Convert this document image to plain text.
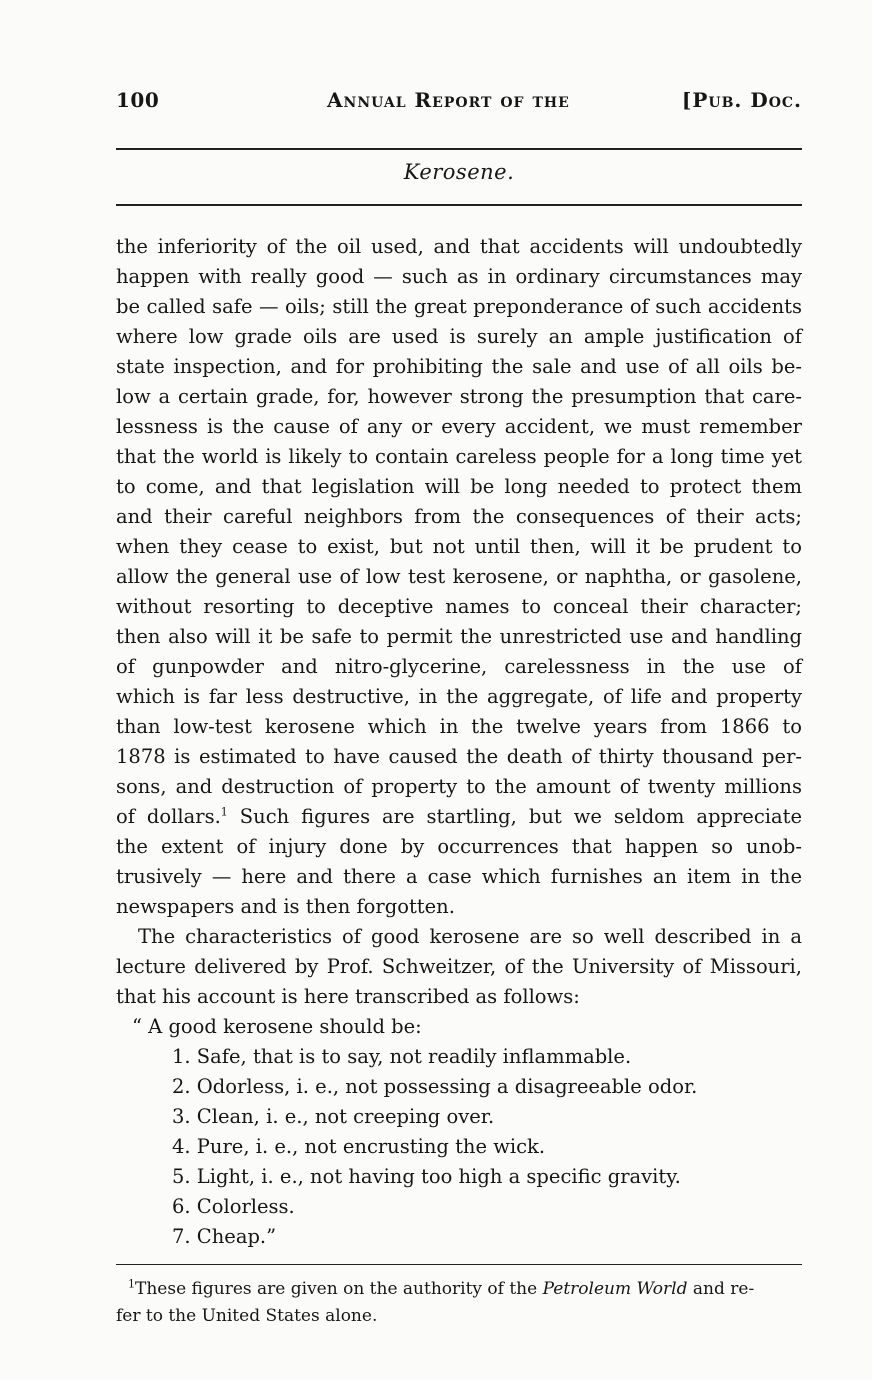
100	Annual Report of the	[Pub. Doc.
Kerosene.

the inferiority of the oil used, and that accidents will undoubtedly
happen with really good — such as in ordinary circumstances may
be called safe — oils; still the great preponderance of such accidents
where low grade oils are used is surely an ample justification of
state inspection, and for prohibiting the sale and use of all oils be-
low a certain grade, for, however strong the presumption that care-
lessness is the cause of any or every accident, we must remember
that the world is likely to contain careless people for a long time yet
to come, and that legislation will be long needed to protect them
and their careful neighbors from the consequences of their acts;
when they cease to exist, but not until then, will it be prudent to
allow the general use of low test kerosene, or naphtha, or gasolene,
without resorting to deceptive names to conceal their character;
then also will it be safe to permit the unrestricted use and handling
of gunpowder and nitro-glycerine, carelessness in the use of
which is far less destructive, in the aggregate, of life and property
than low-test kerosene which in the twelve years from 1866 to
1878 is estimated to have caused the death of thirty thousand per-
sons, and destruction of property to the amount of twenty millions
of dollars.$^1$ Such figures are startling, but we seldom appreciate
the extent of injury done by occurrences that happen so unob-
trusively — here and there a case which furnishes an item in the
newspapers and is then forgotten.

The characteristics of good kerosene are so well described in a
lecture delivered by Prof. Schweitzer, of the University of Missouri,
that his account is here transcribed as follows:

“ A good kerosene should be:
1. Safe, that is to say, not readily inflammable.
2. Odorless, i. e., not possessing a disagreeable odor.
3. Clean, i. e., not creeping over.
4. Pure, i. e., not encrusting the wick.
5. Light, i. e., not having too high a specific gravity.
6. Colorless.
7. Cheap.”

$^1$These figures are given on the authority of the Petroleum World and re-

fer to the United States alone.
